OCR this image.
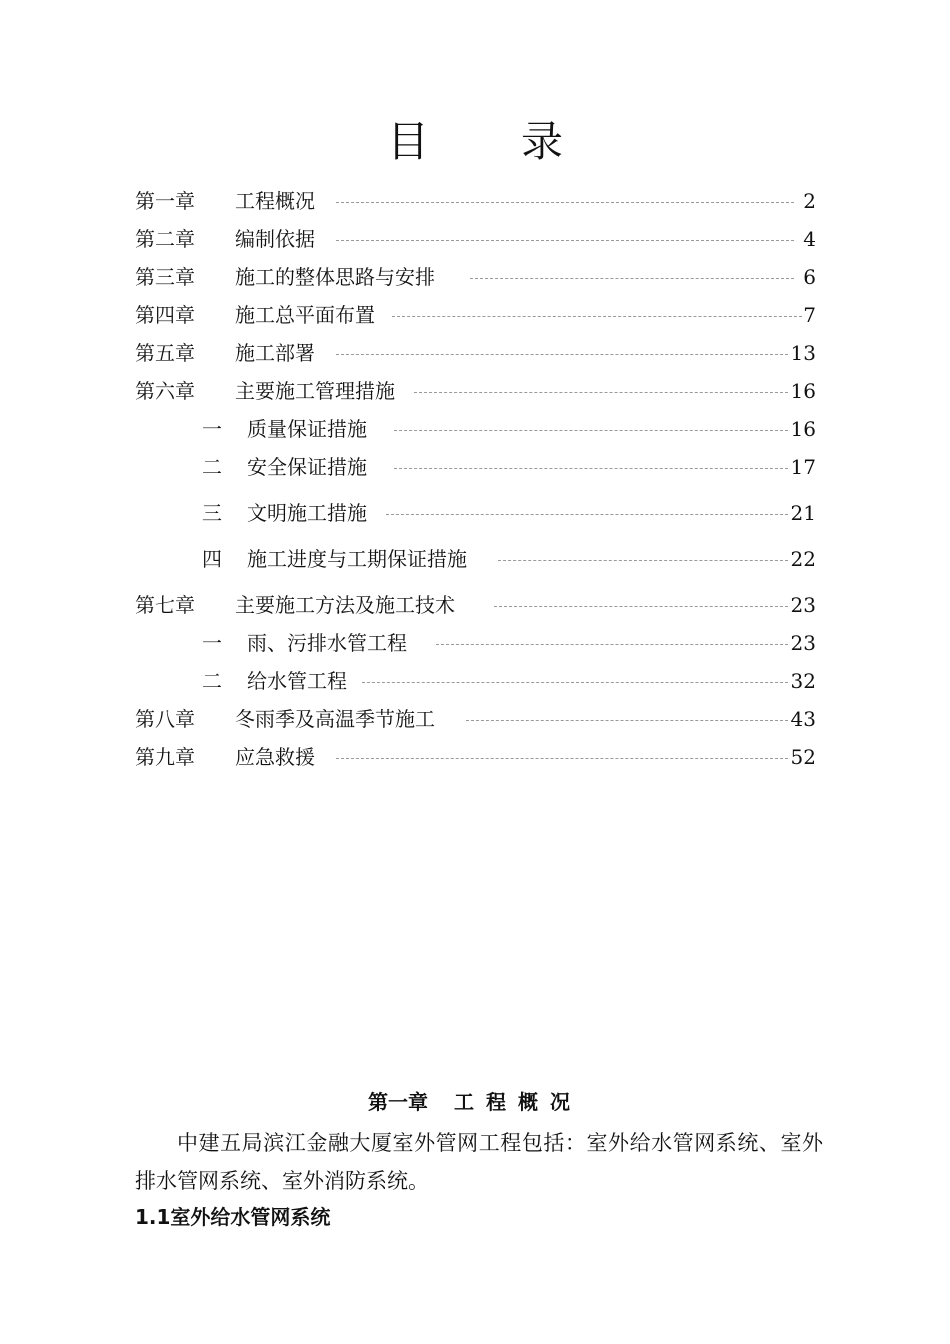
目录
第一章 工程概况	2
第二章 编制依据	4
第三章 施工的整体思路与安排	6
第四章 施工总平面布置	7
第五章 施工部署	13
第六章 主要施工管理措施	16
一 质量保证措施	16
二 安全保证措施	17
三 文明施工措施	21
四 施工进度与工期保证措施	22
第七章 主要施工方法及施工技术	23
一 雨、污排水管工程	23
二 给水管工程	32
第八章 冬雨季及高温季节施工	43
第九章 应急救援	52
第一章 工程概况
中建五局滨江金融大厦室外管网工程包括：室外给水管网系统、室外排水管网系统、室外消防系统。
1.1室外给水管网系统
